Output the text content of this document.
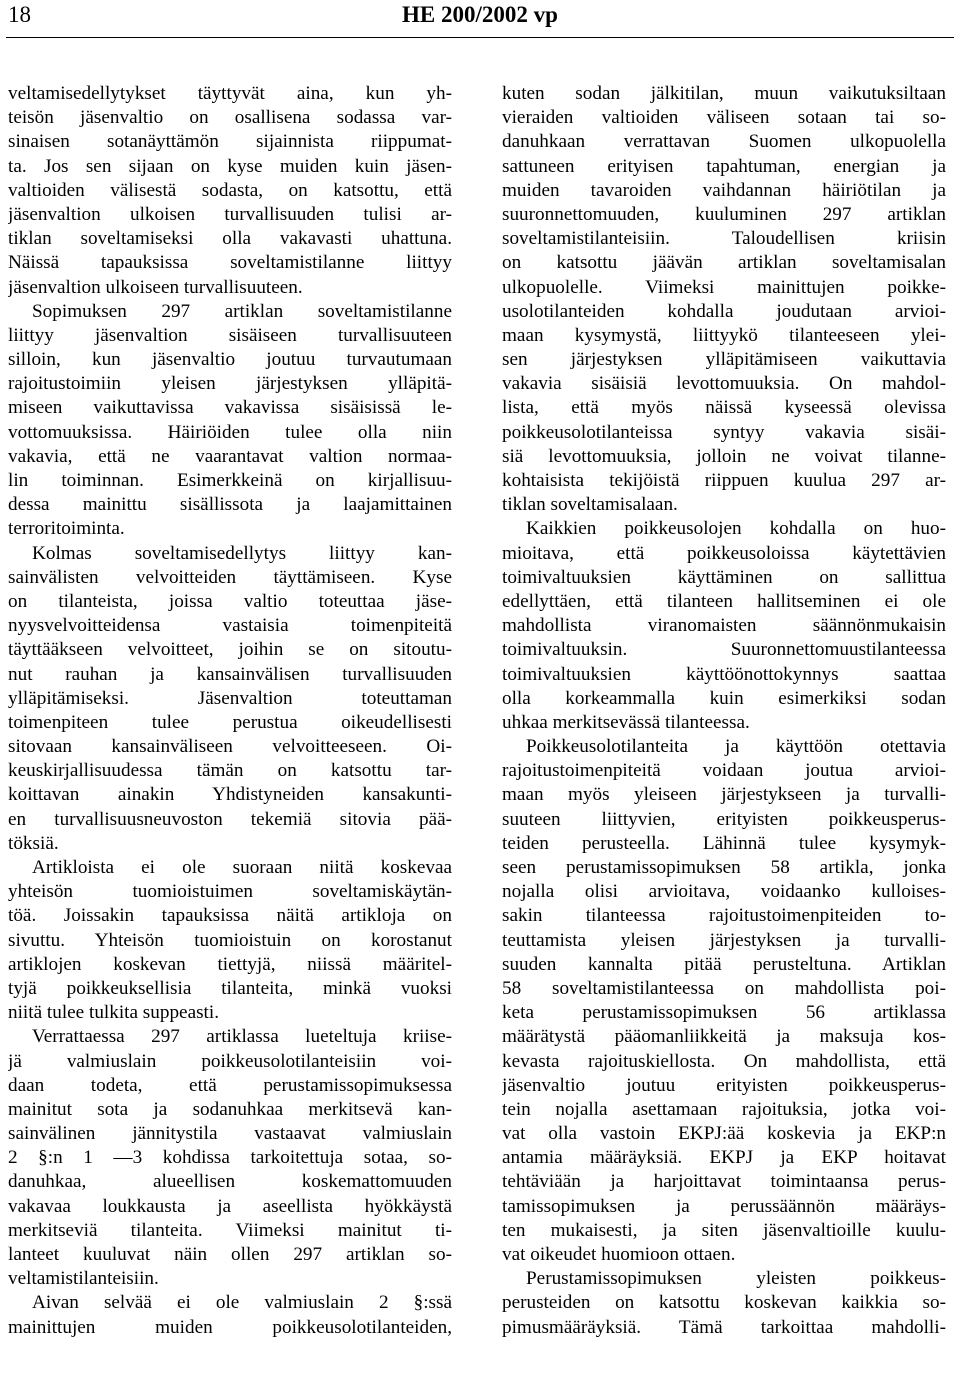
18	HE 200/2002 vp
veltamisedellytykset täyttyvät aina, kun yh-
teisön jäsenvaltio on osallisena sodassa var-
sinaisen sotanäyttämön sijainnista riippumat-
ta. Jos sen sijaan on kyse muiden kuin jäsen-
valtioiden välisestä sodasta, on katsottu, että
jäsenvaltion ulkoisen turvallisuuden tulisi ar-
tiklan soveltamiseksi olla vakavasti uhattuna.
Näissä tapauksissa soveltamistilanne liittyy
jäsenvaltion ulkoiseen turvallisuuteen.
Sopimuksen 297 artiklan soveltamistilanne
liittyy jäsenvaltion sisäiseen turvallisuuteen
silloin, kun jäsenvaltio joutuu turvautumaan
rajoitustoimiin yleisen järjestyksen ylläpitä-
miseen vaikuttavissa vakavissa sisäisissä le-
vottomuuksissa. Häiriöiden tulee olla niin
vakavia, että ne vaarantavat valtion normaa-
lin toiminnan. Esimerkkeinä on kirjallisuu-
dessa mainittu sisällissota ja laajamittainen
terroritoiminta.
Kolmas soveltamisedellytys liittyy kan-
sainvälisten velvoitteiden täyttämiseen. Kyse
on tilanteista, joissa valtio toteuttaa jäse-
nyysvelvoitteidensa vastaisia toimenpiteitä
täyttääkseen velvoitteet, joihin se on sitoutu-
nut rauhan ja kansainvälisen turvallisuuden
ylläpitämiseksi. Jäsenvaltion toteuttaman
toimenpiteen tulee perustua oikeudellisesti
sitovaan kansainväliseen velvoitteeseen. Oi-
keuskirjallisuudessa tämän on katsottu tar-
koittavan ainakin Yhdistyneiden kansakunti-
en turvallisuusneuvoston tekemiä sitovia pää-
töksiä.
Artikloista ei ole suoraan niitä koskevaa
yhteisön tuomioistuimen soveltamiskäytän-
töä. Joissakin tapauksissa näitä artikloja on
sivuttu. Yhteisön tuomioistuin on korostanut
artiklojen koskevan tiettyjä, niissä määritel-
tyjä poikkeuksellisia tilanteita, minkä vuoksi
niitä tulee tulkita suppeasti.
Verrattaessa 297 artiklassa lueteltuja kriise-
jä valmiuslain poikkeusolotilanteisiin voi-
daan todeta, että perustamissopimuksessa
mainitut sota ja sodanuhkaa merkitsevä kan-
sainvälinen jännitystila vastaavat valmiuslain
2 §:n 1 —3 kohdissa tarkoitettuja sotaa, so-
danuhkaa, alueellisen koskemattomuuden
vakavaa loukkausta ja aseellista hyökkäystä
merkitseviä tilanteita. Viimeksi mainitut ti-
lanteet kuuluvat näin ollen 297 artiklan so-
veltamistilanteisiin.
Aivan selvää ei ole valmiuslain 2 §:ssä
mainittujen muiden poikkeusolotilanteiden,
kuten sodan jälkitilan, muun vaikutuksiltaan
vieraiden valtioiden väliseen sotaan tai so-
danuhkaan verrattavan Suomen ulkopuolella
sattuneen erityisen tapahtuman, energian ja
muiden tavaroiden vaihdannan häiriötilan ja
suuronnettomuuden, kuuluminen 297 artiklan
soveltamistilanteisiin. Taloudellisen kriisin
on katsottu jäävän artiklan soveltamisalan
ulkopuolelle. Viimeksi mainittujen poikke-
usolotilanteiden kohdalla joudutaan arvioi-
maan kysymystä, liittyykö tilanteeseen ylei-
sen järjestyksen ylläpitämiseen vaikuttavia
vakavia sisäisiä levottomuuksia. On mahdol-
lista, että myös näissä kyseessä olevissa
poikkeusolotilanteissa syntyy vakavia sisäi-
siä levottomuuksia, jolloin ne voivat tilanne-
kohtaisista tekijöistä riippuen kuulua 297 ar-
tiklan soveltamisalaan.
Kaikkien poikkeusolojen kohdalla on huo-
mioitava, että poikkeusoloissa käytettävien
toimivaltuuksien käyttäminen on sallittua
edellyttäen, että tilanteen hallitseminen ei ole
mahdollista viranomaisten säännönmukaisin
toimivaltuuksin. Suuronnettomuustilanteessa
toimivaltuuksien käyttöönottokynnys saattaa
olla korkeammalla kuin esimerkiksi sodan
uhkaa merkitsevässä tilanteessa.
Poikkeusolotilanteita ja käyttöön otettavia
rajoitustoimenpiteitä voidaan joutua arvioi-
maan myös yleiseen järjestykseen ja turvalli-
suuteen liittyvien, erityisten poikkeusperus-
teiden perusteella. Lähinnä tulee kysymyk-
seen perustamissopimuksen 58 artikla, jonka
nojalla olisi arvioitava, voidaanko kulloises-
sakin tilanteessa rajoitustoimenpiteiden to-
teuttamista yleisen järjestyksen ja turvalli-
suuden kannalta pitää perusteltuna. Artiklan
58 soveltamistilanteessa on mahdollista poi-
keta perustamissopimuksen 56 artiklassa
määrätystä pääomanliikkeitä ja maksuja kos-
kevasta rajoituskiellosta. On mahdollista, että
jäsenvaltio joutuu erityisten poikkeusperus-
tein nojalla asettamaan rajoituksia, jotka voi-
vat olla vastoin EKPJ:ää koskevia ja EKP:n
antamia määräyksiä. EKPJ ja EKP hoitavat
tehtäviään ja harjoittavat toimintaansa perus-
tamissopimuksen ja perussäännön määräys-
ten mukaisesti, ja siten jäsenvaltioille kuulu-
vat oikeudet huomioon ottaen.
Perustamissopimuksen yleisten poikkeus-
perusteiden on katsottu koskevan kaikkia so-
pimusmääräyksiä. Tämä tarkoittaa mahdolli-
